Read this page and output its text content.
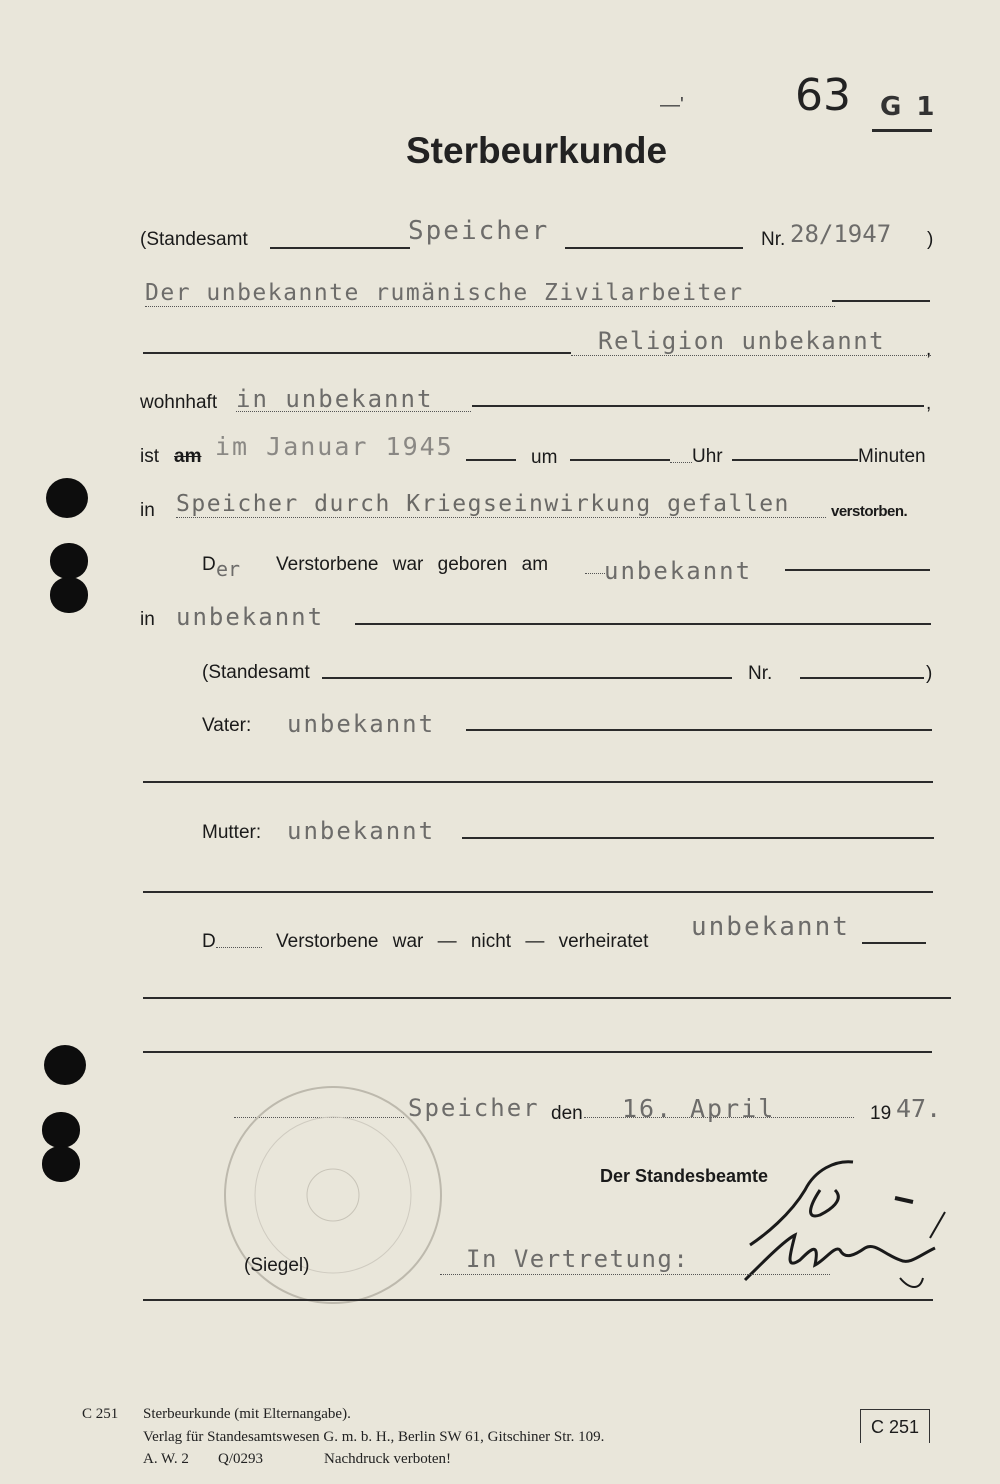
63 G 1
—'
Sterbeurkunde
(Standesamt	Speicher	Nr. 28/1947 )
Der unbekannte rumänische Zivilarbeiter
Religion unbekannt ,
wohnhaft in unbekannt	,
ist am im Januar 1945	um	Uhr	Minuten
in Speicher durch Kriegseinwirkung gefallen	verstorben.
D er Verstorbene war geboren am unbekannt
in unbekannt
(Standesamt	Nr.	)
Vater: unbekannt
Mutter: unbekannt
D	Verstorbene war — nicht — verheiratet unbekannt
Speicher den 16. April	19 47.
Der Standesbeamte
(Siegel)	In Vertretung:
C 251 Sterbeurkunde (mit Elternangabe).
Verlag für Standesamtswesen G. m. b. H., Berlin SW 61, Gitschiner Str. 109.
A. W. 2 Q/0293	Nachdruck verboten!
C 251
